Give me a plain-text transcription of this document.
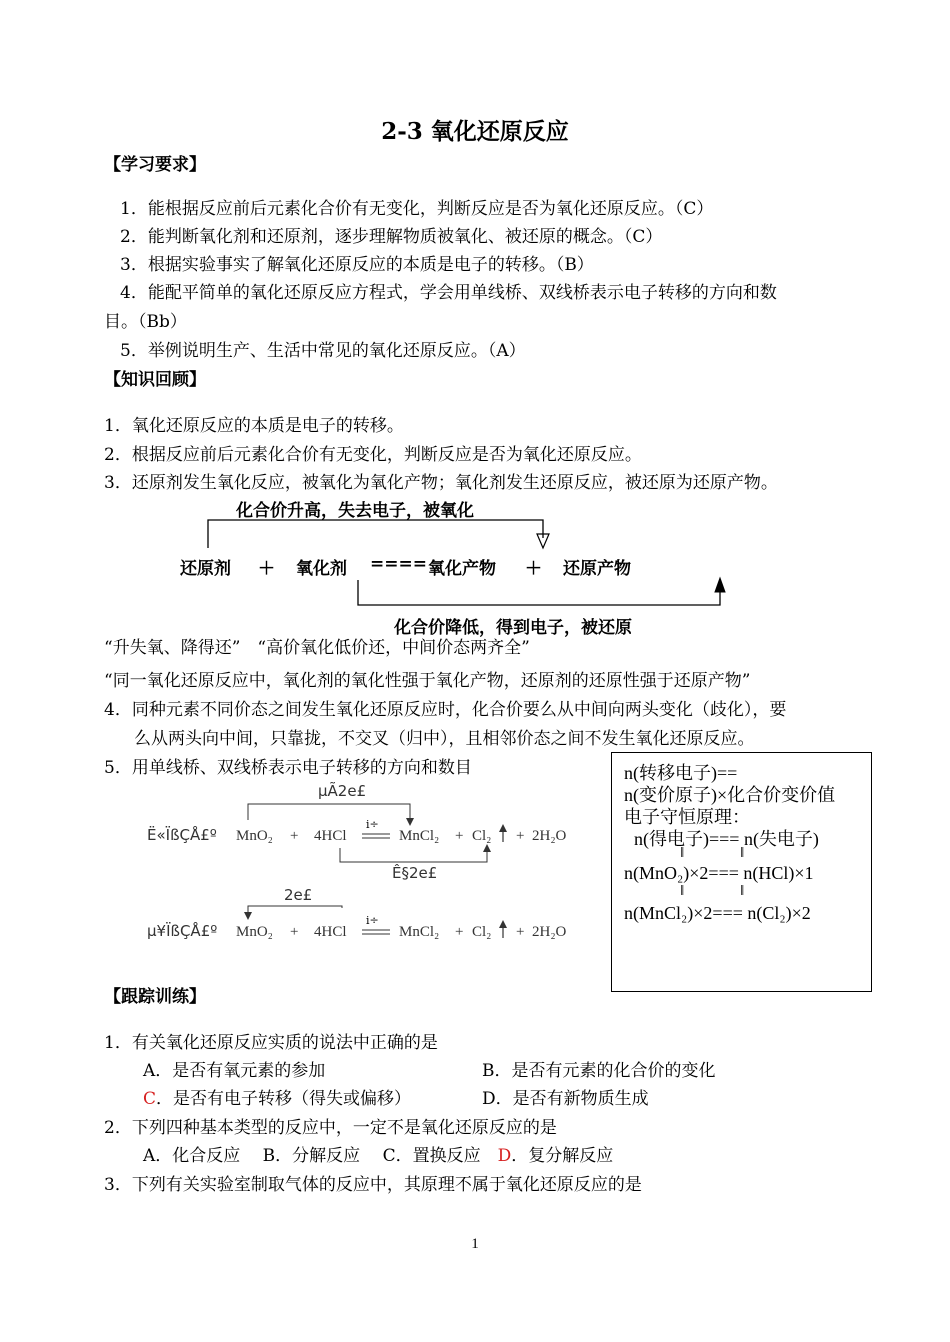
2-3 氧化还原反应
【学习要求】
1．能根据反应前后元素化合价有无变化，判断反应是否为氧化还原反应。（C）
2．能判断氧化剂和还原剂，逐步理解物质被氧化、被还原的概念。（C）
3．根据实验事实了解氧化还原反应的本质是电子的转移。（B）
4．能配平简单的氧化还原反应方程式，学会用单线桥、双线桥表示电子转移的方向和数
目。（Bb）
5．举例说明生产、生活中常见的氧化还原反应。（A）
【知识回顾】
1．氧化还原反应的本质是电子的转移。
2．根据反应前后元素化合价有无变化，判断反应是否为氧化还原反应。
3．还原剂发生氧化反应，被氧化为氧化产物；氧化剂发生还原反应，被还原为还原产物。
化合价升高，失去电子，被氧化
还原剂 ＋ 氧化剂 ==== 氧化产物 ＋ 还原产物
化合价降低，得到电子，被还原
“升失氧、降得还”　“高价氧化低价还，中间价态两齐全”
“同一氧化还原反应中，氧化剂的氧化性强于氧化产物，还原剂的还原性强于还原产物”
4．同种元素不同价态之间发生氧化还原反应时，化合价要么从中间向两头变化（歧化），要
么从两头向中间，只靠拢，不交叉（归中），且相邻价态之间不发生氧化还原反应。
5．用单线桥、双线桥表示电子转移的方向和数目
µÃ2e£
Ë«ÏßÇÅ£º
i÷
MnO₂ + 4HCl	MnCl₂ + Cl₂ + 2H₂O
Ê§2e£
2e£
µ¥ÏßÇÅ£º
i÷
MnO₂ + 4HCl	MnCl₂ + Cl₂ + 2H₂O
n(转移电子)==
n(变价原子)×化合价变价值
电子守恒原理：
n(得电子)=== n(失电子)
‖	‖
n(MnO₂)×2=== n(HCl)×1
‖	‖
n(MnCl₂)×2=== n(Cl₂)×2
【跟踪训练】
1．有关氧化还原反应实质的说法中正确的是
A．是否有氧元素的参加	B．是否有元素的化合价的变化
C．是否有电子转移（得失或偏移）	D．是否有新物质生成
2．下列四种基本类型的反应中，一定不是氧化还原反应的是
A．化合反应　 B．分解反应　 C．置换反应　D．复分解反应
3．下列有关实验室制取气体的反应中，其原理不属于氧化还原反应的是
1
